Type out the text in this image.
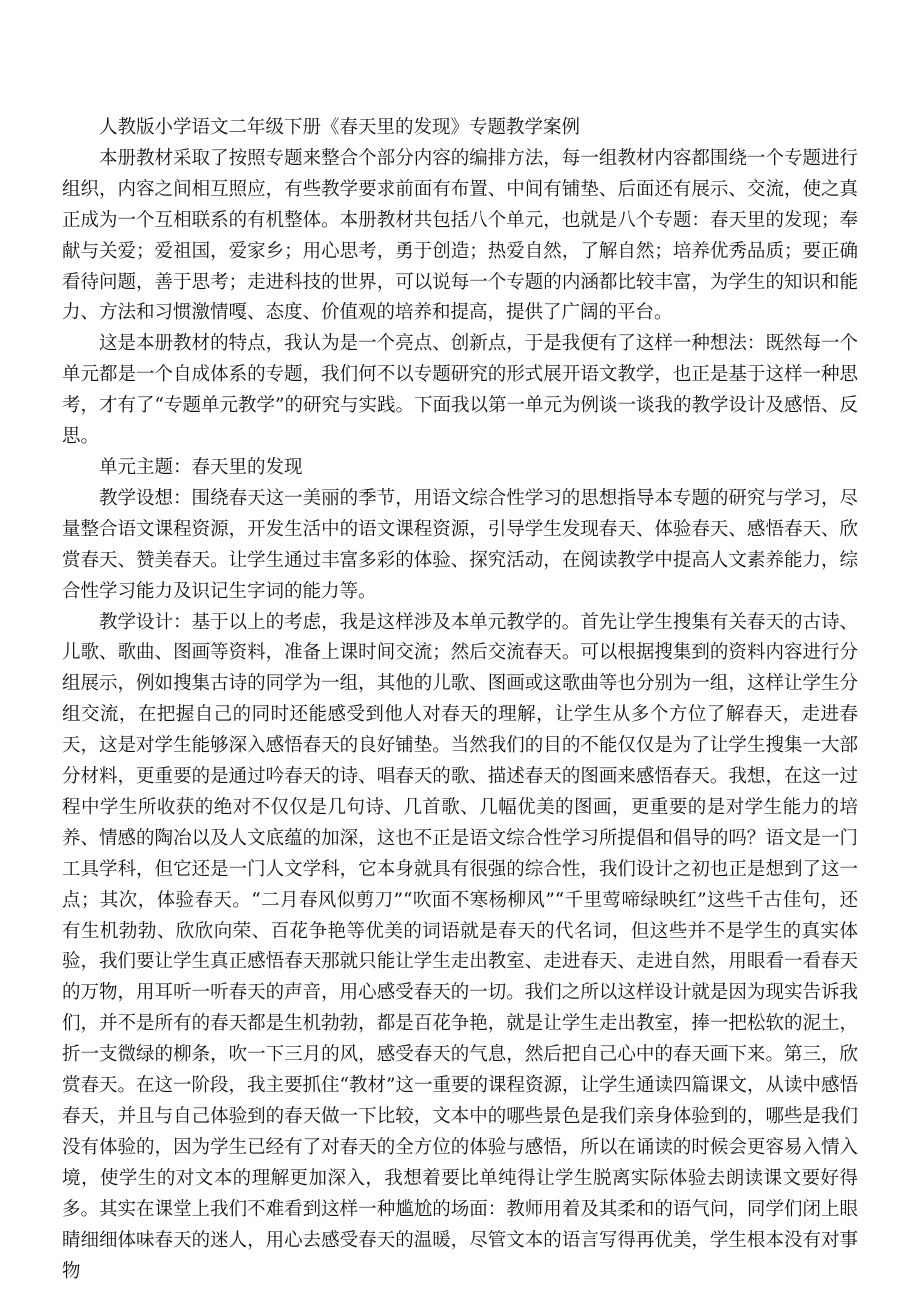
人教版小学语文二年级下册《春天里的发现》专题教学案例

本册教材采取了按照专题来整合个部分内容的编排方法，每一组教材内容都围绕一个专题进行组织，内容之间相互照应，有些教学要求前面有布置、中间有铺垫、后面还有展示、交流，使之真正成为一个互相联系的有机整体。本册教材共包括八个单元，也就是八个专题：春天里的发现；奉献与关爱；爱祖国，爱家乡；用心思考，勇于创造；热爱自然，了解自然；培养优秀品质；要正确看待问题，善于思考；走进科技的世界，可以说每一个专题的内涵都比较丰富，为学生的知识和能力、方法和习惯激情嘎、态度、价值观的培养和提高，提供了广阔的平台。

这是本册教材的特点，我认为是一个亮点、创新点，于是我便有了这样一种想法：既然每一个单元都是一个自成体系的专题，我们何不以专题研究的形式展开语文教学，也正是基于这样一种思考，才有了“专题单元教学”的研究与实践。下面我以第一单元为例谈一谈我的教学设计及感悟、反思。

单元主题：春天里的发现

教学设想：围绕春天这一美丽的季节，用语文综合性学习的思想指导本专题的研究与学习，尽量整合语文课程资源，开发生活中的语文课程资源，引导学生发现春天、体验春天、感悟春天、欣赏春天、赞美春天。让学生通过丰富多彩的体验、探究活动，在阅读教学中提高人文素养能力，综合性学习能力及识记生字词的能力等。

教学设计：基于以上的考虑，我是这样涉及本单元教学的。首先让学生搜集有关春天的古诗、儿歌、歌曲、图画等资料，准备上课时间交流；然后交流春天。可以根据搜集到的资料内容进行分组展示，例如搜集古诗的同学为一组，其他的儿歌、图画或这歌曲等也分别为一组，这样让学生分组交流，在把握自己的同时还能感受到他人对春天的理解，让学生从多个方位了解春天，走进春天，这是对学生能够深入感悟春天的良好铺垫。当然我们的目的不能仅仅是为了让学生搜集一大部分材料，更重要的是通过吟春天的诗、唱春天的歌、描述春天的图画来感悟春天。我想，在这一过程中学生所收获的绝对不仅仅是几句诗、几首歌、几幅优美的图画，更重要的是对学生能力的培养、情感的陶冶以及人文底蕴的加深，这也不正是语文综合性学习所提倡和倡导的吗？语文是一门工具学科，但它还是一门人文学科，它本身就具有很强的综合性，我们设计之初也正是想到了这一点；其次，体验春天。“二月春风似剪刀”“吹面不寒杨柳风”“千里莺啼绿映红”这些千古佳句，还有生机勃勃、欣欣向荣、百花争艳等优美的词语就是春天的代名词，但这些并不是学生的真实体验，我们要让学生真正感悟春天那就只能让学生走出教室、走进春天、走进自然，用眼看一看春天的万物，用耳听一听春天的声音，用心感受春天的一切。我们之所以这样设计就是因为现实告诉我们，并不是所有的春天都是生机勃勃，都是百花争艳，就是让学生走出教室，捧一把松软的泥土，折一支微绿的柳条，吹一下三月的风，感受春天的气息，然后把自己心中的春天画下来。第三，欣赏春天。在这一阶段，我主要抓住“教材”这一重要的课程资源，让学生通读四篇课文，从读中感悟春天，并且与自己体验到的春天做一下比较，文本中的哪些景色是我们亲身体验到的，哪些是我们没有体验的，因为学生已经有了对春天的全方位的体验与感悟，所以在诵读的时候会更容易入情入境，使学生的对文本的理解更加深入，我想着要比单纯得让学生脱离实际体验去朗读课文要好得多。其实在课堂上我们不难看到这样一种尴尬的场面：教师用着及其柔和的语气问，同学们闭上眼睛细细体味春天的迷人，用心去感受春天的温暖，尽管文本的语言写得再优美，学生根本没有对事物
